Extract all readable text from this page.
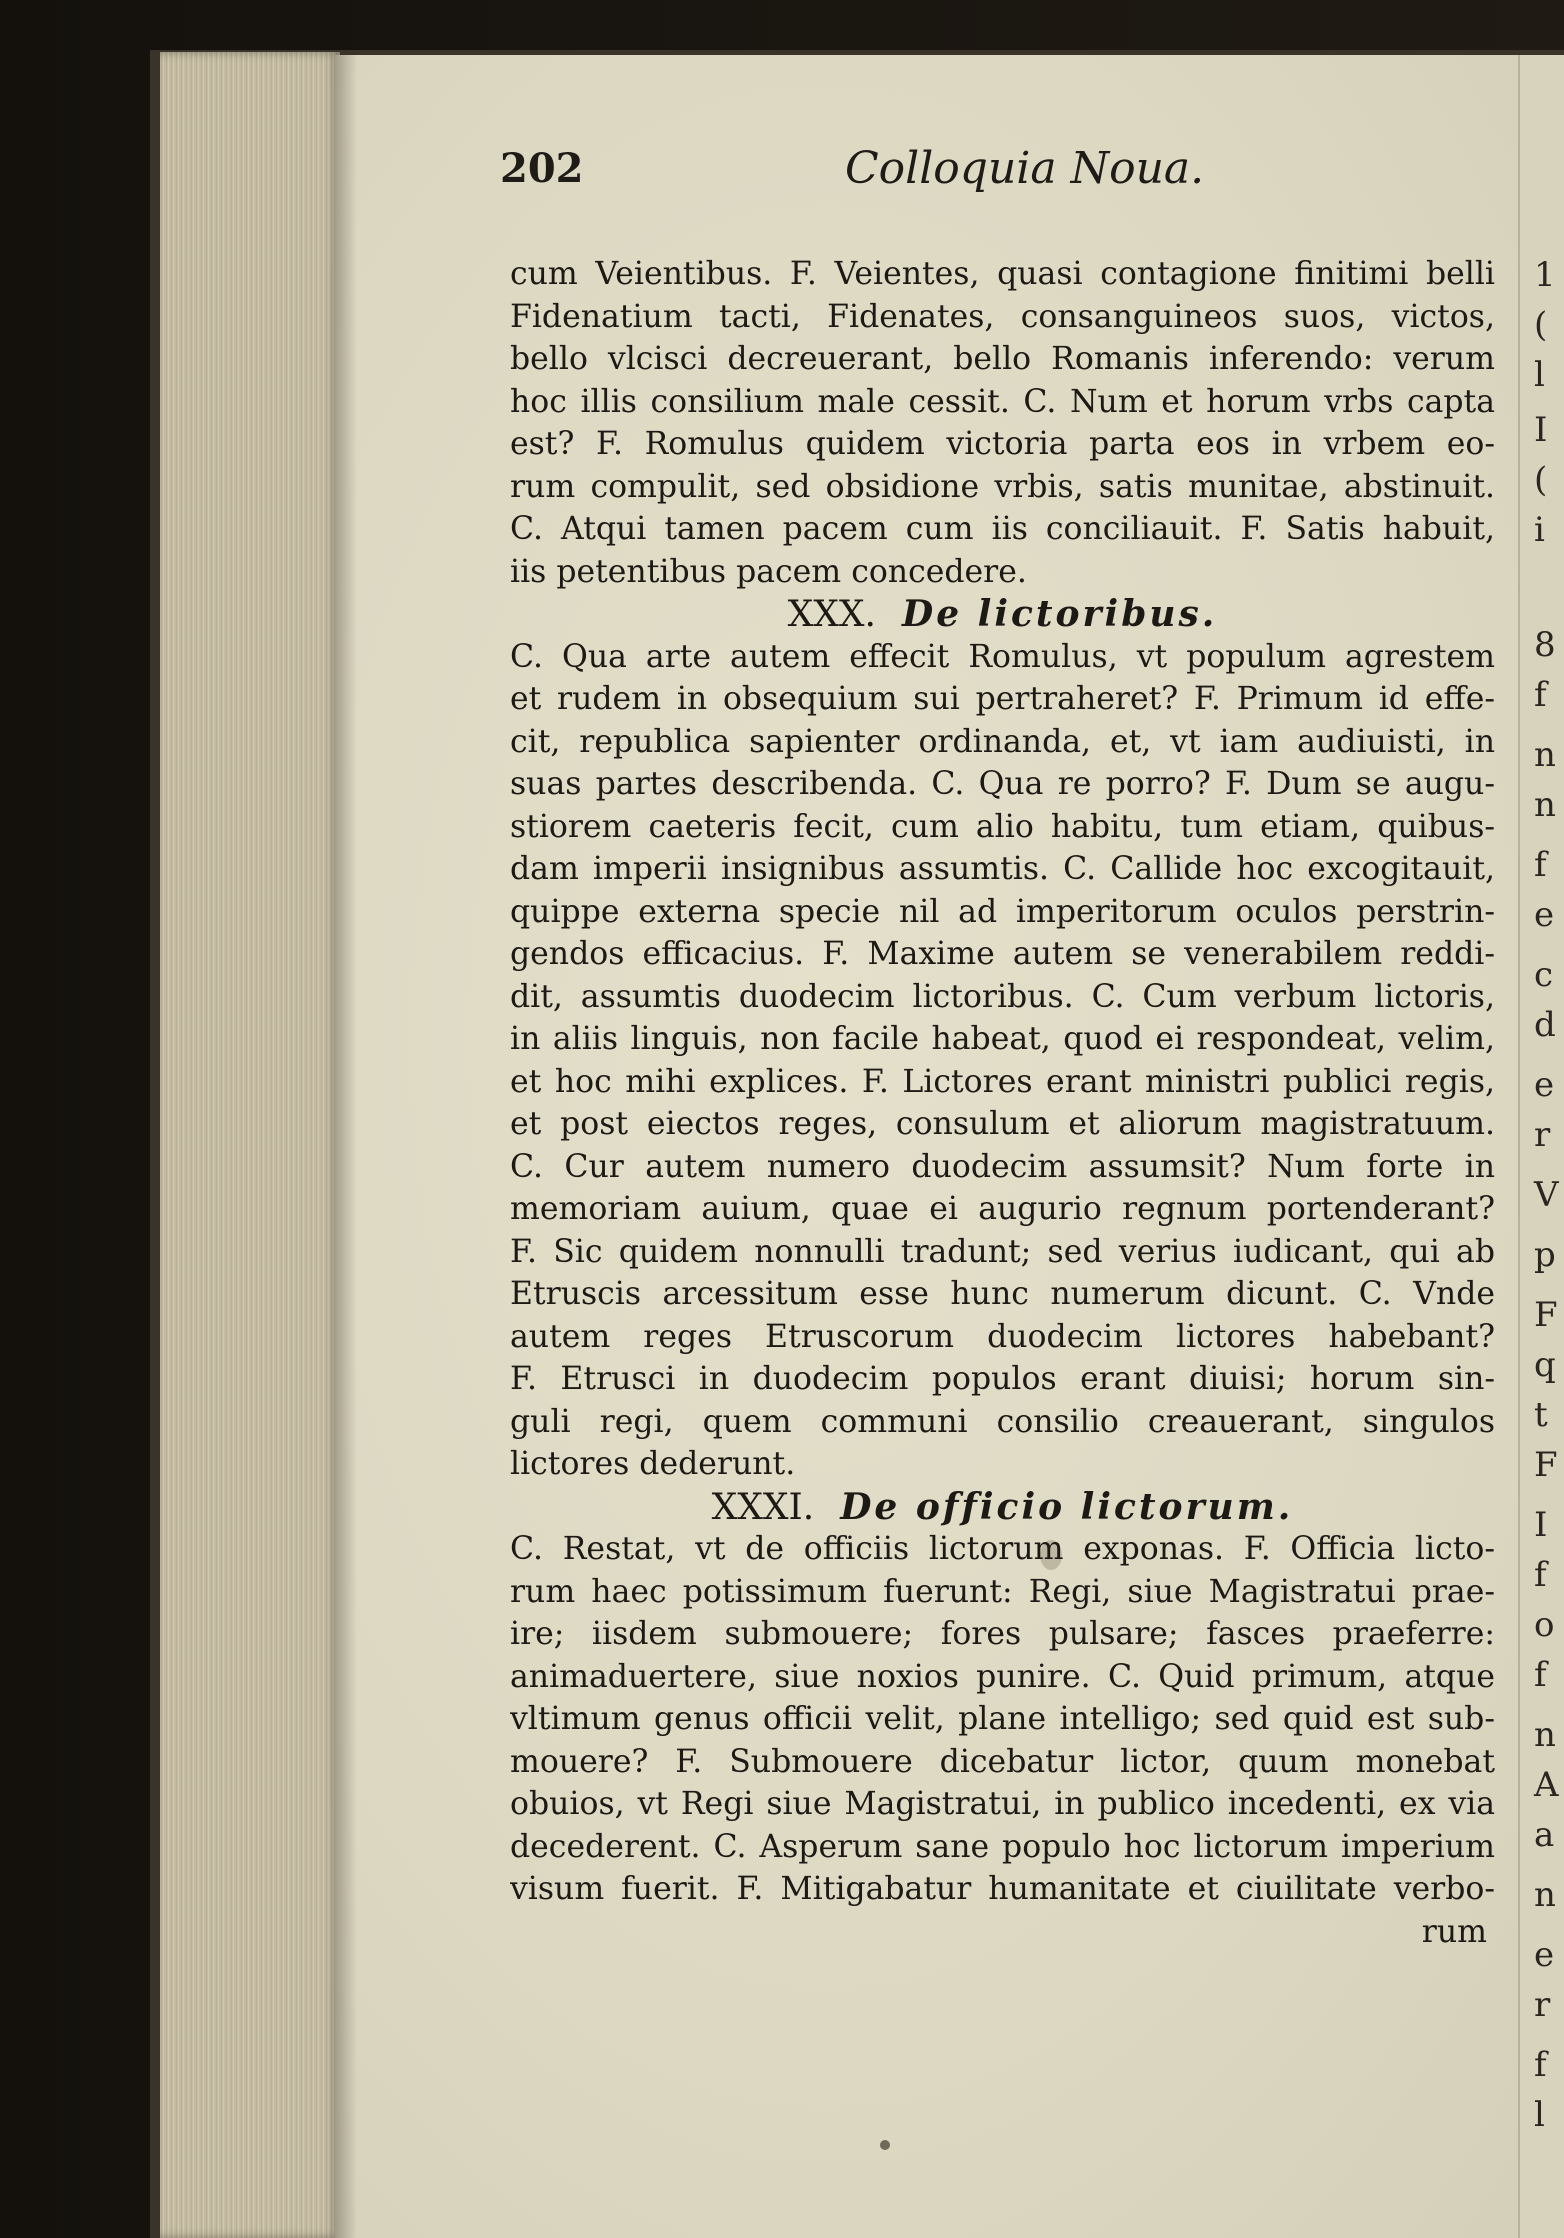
202	Colloquia Noua.
cum Veientibus. F. Veientes, quasi contagione finitimi belli
Fidenatium tacti, Fidenates, consanguineos suos, victos,
bello vlcisci decreuerant, bello Romanis inferendo: verum
hoc illis consilium male cessit. C. Num et horum vrbs capta
est? F. Romulus quidem victoria parta eos in vrbem eo-
rum compulit, sed obsidione vrbis, satis munitae, abstinuit.
C. Atqui tamen pacem cum iis conciliauit. F. Satis habuit,
iis petentibus pacem concedere.
XXX. De lictoribus.
C. Qua arte autem effecit Romulus, vt populum agrestem
et rudem in obsequium sui pertraheret? F. Primum id effe-
cit, republica sapienter ordinanda, et, vt iam audiuisti, in
suas partes describenda. C. Qua re porro? F. Dum se augu-
stiorem caeteris fecit, cum alio habitu, tum etiam, quibus-
dam imperii insignibus assumtis. C. Callide hoc excogitauit,
quippe externa specie nil ad imperitorum oculos perstrin-
gendos efficacius. F. Maxime autem se venerabilem reddi-
dit, assumtis duodecim lictoribus. C. Cum verbum lictoris,
in aliis linguis, non facile habeat, quod ei respondeat, velim,
et hoc mihi explices. F. Lictores erant ministri publici regis,
et post eiectos reges, consulum et aliorum magistratuum.
C. Cur autem numero duodecim assumsit? Num forte in
memoriam auium, quae ei augurio regnum portenderant?
F. Sic quidem nonnulli tradunt; sed verius iudicant, qui ab
Etruscis arcessitum esse hunc numerum dicunt. C. Vnde
autem reges Etruscorum duodecim lictores habebant?
F. Etrusci in duodecim populos erant diuisi; horum sin-
guli regi, quem communi consilio creauerant, singulos
lictores dederunt.
XXXI. De officio lictorum.
C. Restat, vt de officiis lictorum exponas. F. Officia licto-
rum haec potissimum fuerunt: Regi, siue Magistratui prae-
ire; iisdem submouere; fores pulsare; fasces praeferre:
animaduertere, siue noxios punire. C. Quid primum, atque
vltimum genus officii velit, plane intelligo; sed quid est sub-
mouere? F. Submouere dicebatur lictor, quum monebat
obuios, vt Regi siue Magistratui, in publico incedenti, ex via
decederent. C. Asperum sane populo hoc lictorum imperium
visum fuerit. F. Mitigabatur humanitate et ciuilitate verbo-
rum
1
(
l
I
(
i
8
f
n
n
f
e
c
d
e
r
V
p
F
q
t
F
I
f
o
f
n
A
a
n
e
r
f
l
